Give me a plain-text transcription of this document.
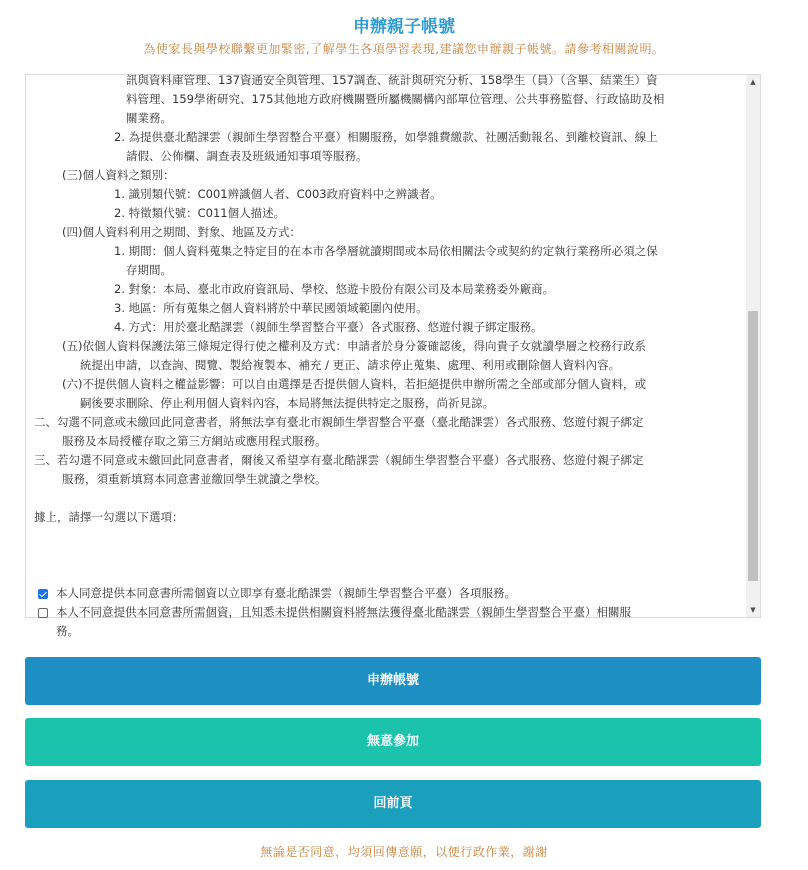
申辦親子帳號
為使家長與學校聯繫更加緊密,了解學生各項學習表現,建議您申辦親子帳號。請參考相關說明。
訊與資料庫管理、137資通安全與管理、157調查、統計與研究分析、158學生（員）（含畢、結業生）資
料管理、159學術研究、175其他地方政府機關暨所屬機關構內部單位管理、公共事務監督、行政協助及相
關業務。
2. 為提供臺北酷課雲（親師生學習整合平臺）相關服務，如學雜費繳款、社團活動報名、到離校資訊、線上
請假、公佈欄、調查表及班級通知事項等服務。
(三)個人資料之類別：
1. 識別類代號：C001辨識個人者、C003政府資料中之辨識者。
2. 特徵類代號：C011個人描述。
(四)個人資料利用之期間、對象、地區及方式：
1. 期間：個人資料蒐集之特定目的在本市各學層就讀期間或本局依相關法令或契約約定執行業務所必須之保
存期間。
2. 對象：本局、臺北市政府資訊局、學校、悠遊卡股份有限公司及本局業務委外廠商。
3. 地區：所有蒐集之個人資料將於中華民國領域範圍內使用。
4. 方式：用於臺北酷課雲（親師生學習整合平臺）各式服務、悠遊付親子綁定服務。
(五)依個人資料保護法第三條規定得行使之權利及方式：申請者於身分簽確認後，得向貴子女就讀學層之校務行政系
統提出申請，以查詢、閱覽、製給複製本、補充 / 更正、請求停止蒐集、處理、利用或刪除個人資料內容。
(六)不提供個人資料之權益影響：可以自由選擇是否提供個人資料，若拒絕提供申辦所需之全部或部分個人資料，或
嗣後要求刪除、停止利用個人資料內容，本局將無法提供特定之服務，尚祈見諒。
二、勾選不同意或未繳回此同意書者，將無法享有臺北市親師生學習整合平臺（臺北酷課雲）各式服務、悠遊付親子綁定
服務及本局授權存取之第三方網站或應用程式服務。
三、若勾選不同意或未繳回此同意書者，爾後又希望享有臺北酷課雲（親師生學習整合平臺）各式服務、悠遊付親子綁定
服務，須重新填寫本同意書並繳回學生就讀之學校。
據上，請擇一勾選以下選項：
本人同意提供本同意書所需個資以立即享有臺北酷課雲（親師生學習整合平臺）各項服務。
本人不同意提供本同意書所需個資，且知悉未提供相關資料將無法獲得臺北酷課雲（親師生學習整合平臺）相關服
務。
▲
▼
申辦帳號
無意參加
回前頁
無論是否同意，均須回傳意願，以便行政作業，謝謝
